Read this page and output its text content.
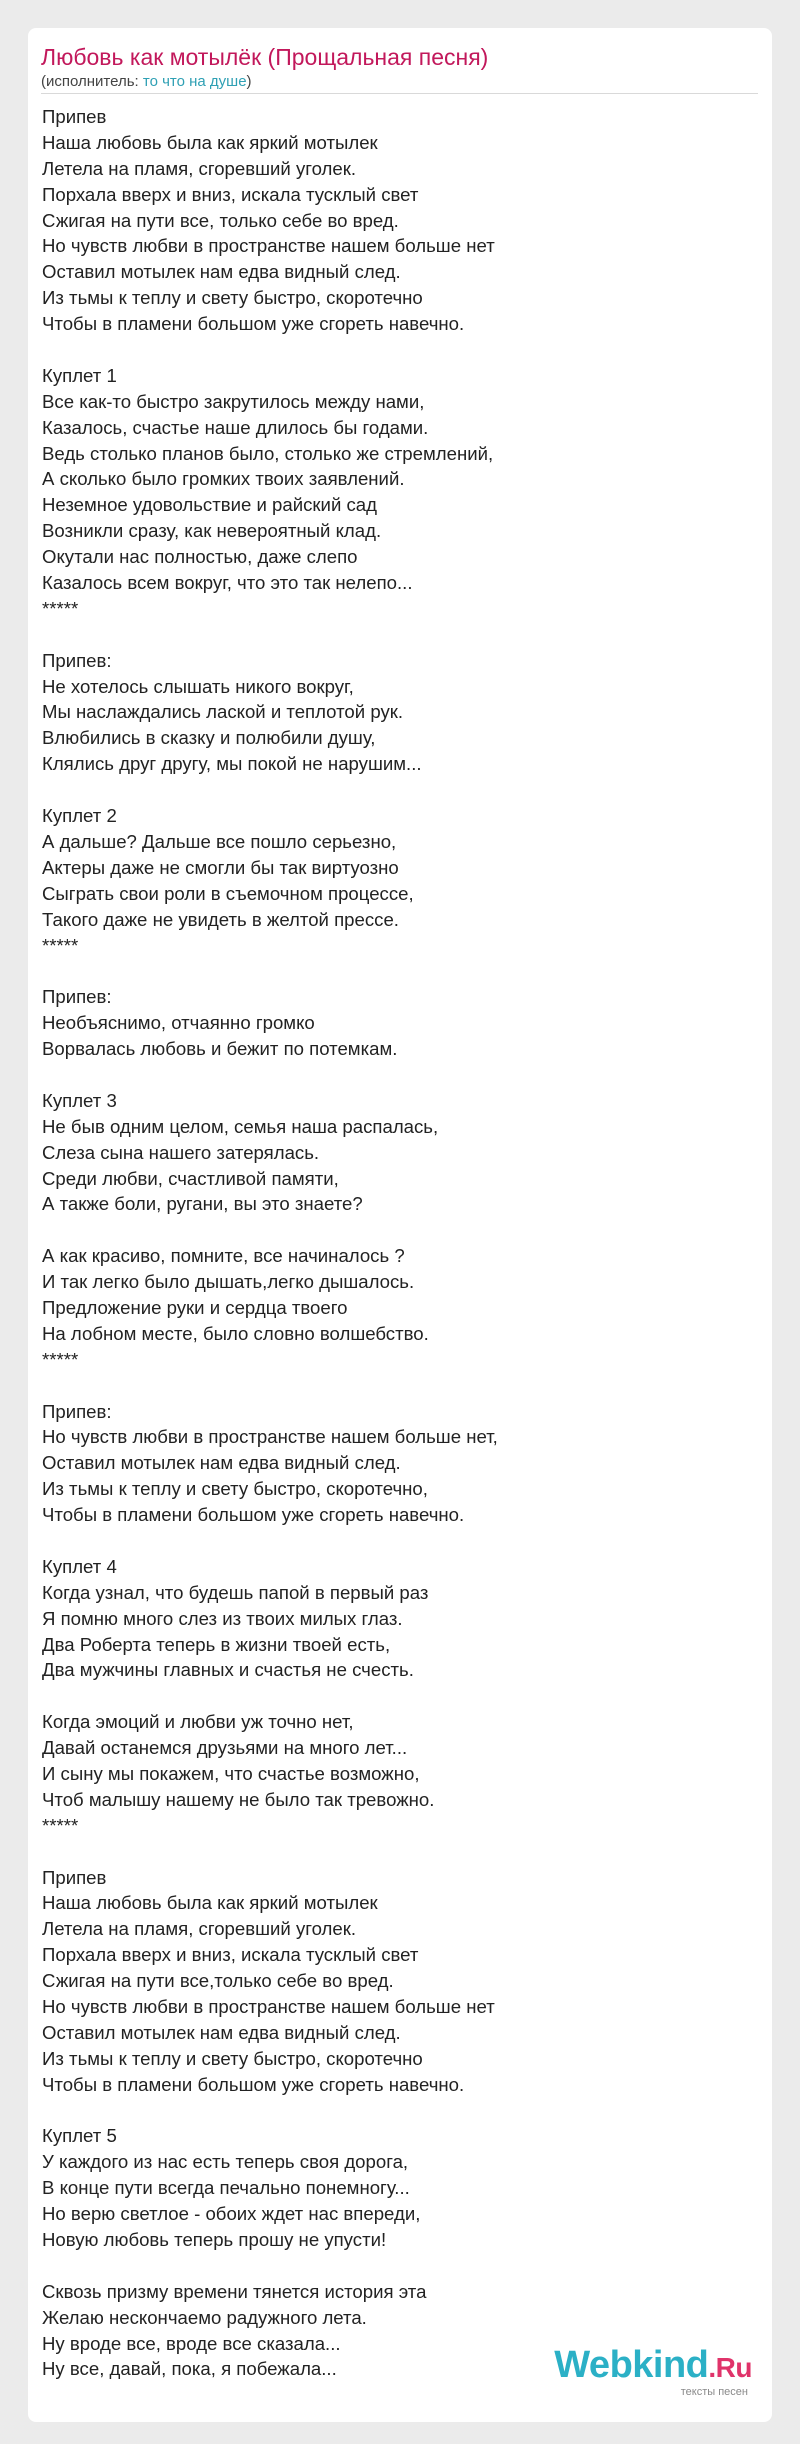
Любовь как мотылёк (Прощальная песня)
(исполнитель: то что на душе)
Припев
Наша любовь была как яркий мотылек
Летела на пламя, сгоревший уголек.
Порхала вверх и вниз, искала тусклый свет
Сжигая на пути все, только себе во вред.
Но чувств любви в пространстве нашем больше нет
Оставил мотылек нам едва видный след.
Из тьмы к теплу и свету быстро, скоротечно
Чтобы в пламени большом уже сгореть навечно.
Куплет 1
Все как-то быстро закрутилось между нами,
Казалось, счастье наше длилось бы годами.
Ведь столько планов было, столько же стремлений,
А сколько было громких твоих заявлений.
Неземное удовольствие и райский сад
Возникли сразу, как невероятный клад.
Окутали нас полностью, даже слепо
Казалось всем вокруг, что это так нелепо...
*****
Припев:
Не хотелось слышать никого вокруг,
Мы наслаждались лаской и теплотой рук.
Влюбились в сказку и полюбили душу,
Клялись друг другу, мы покой не нарушим...
Куплет 2
А дальше? Дальше все пошло серьезно,
Актеры даже не смогли бы так виртуозно
Сыграть свои роли в съемочном процессе,
Такого даже не увидеть в желтой прессе.
*****
Припев:
Необъяснимо, отчаянно громко
Ворвалась любовь и бежит по потемкам.
Куплет 3
Не быв одним целом, семья наша распалась,
Слеза сына нашего затерялась.
Среди любви, счастливой памяти,
А также боли, ругани, вы это знаете?
А как красиво, помните, все начиналось ?
И так легко было дышать,легко дышалось.
Предложение руки и сердца твоего
На лобном месте, было словно волшебство.
*****
Припев:
Но чувств любви в пространстве нашем больше нет,
Оставил мотылек нам едва видный след.
Из тьмы к теплу и свету быстро, скоротечно,
Чтобы в пламени большом уже сгореть навечно.
Куплет 4
Когда узнал, что будешь папой в первый раз
Я помню много слез из твоих милых глаз.
Два Роберта теперь в жизни твоей есть,
Два мужчины главных и счастья не счесть.
Когда эмоций и любви уж точно нет,
Давай останемся друзьями на много лет...
И сыну мы покажем, что счастье возможно,
Чтоб малышу нашему не было так тревожно.
*****
Припев
Наша любовь была как яркий мотылек
Летела на пламя, сгоревший уголек.
Порхала вверх и вниз, искала тусклый свет
Сжигая на пути все,только себе во вред.
Но чувств любви в пространстве нашем больше нет
Оставил мотылек нам едва видный след.
Из тьмы к теплу и свету быстро, скоротечно
Чтобы в пламени большом уже сгореть навечно.
Куплет 5
У каждого из нас есть теперь своя дорога,
В конце пути всегда печально понемногу...
Но верю светлое - обоих ждет нас впереди,
Новую любовь теперь прошу не упусти!
Сквозь призму времени тянется история эта
Желаю нескончаемо радужного лета.
Ну вроде все, вроде все сказала...
Ну все, давай, пока, я побежала...	Webkind.Ru
тексты песен
